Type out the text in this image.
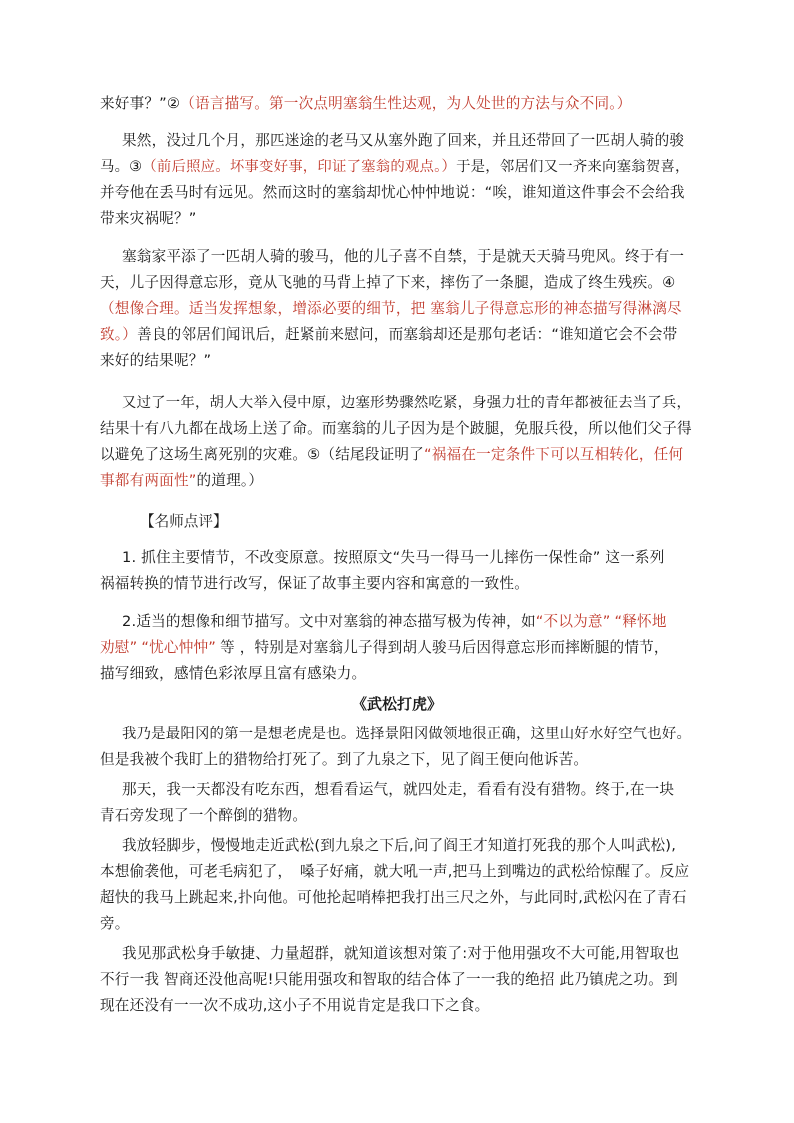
来好事？”②（语言描写。第一次点明塞翁生性达观，为人处世的方法与众不同。）
果然，没过几个月，那匹迷途的老马又从塞外跑了回来，并且还带回了一匹胡人骑的骏
马。③（前后照应。坏事变好事，印证了塞翁的观点。）于是，邻居们又一齐来向塞翁贺喜，
并夸他在丢马时有远见。然而这时的塞翁却忧心忡忡地说：“唉，谁知道这件事会不会给我
带来灾祸呢？”
塞翁家平添了一匹胡人骑的骏马，他的儿子喜不自禁，于是就天天骑马兜风。终于有一
天，儿子因得意忘形，竟从飞驰的马背上掉了下来，摔伤了一条腿，造成了终生残疾。④
（想像合理。适当发挥想象，增添必要的细节，把 塞翁儿子得意忘形的神态描写得淋漓尽
致。）善良的邻居们闻讯后，赶紧前来慰问，而塞翁却还是那句老话：“谁知道它会不会带
来好的结果呢？”
又过了一年，胡人大举入侵中原，边塞形势骤然吃紧，身强力壮的青年都被征去当了兵，
结果十有八九都在战场上送了命。而塞翁的儿子因为是个跛腿，免服兵役，所以他们父子得
以避免了这场生离死别的灾难。⑤（结尾段证明了“祸福在一定条件下可以互相转化，任何
事都有两面性”的道理。）
【名师点评】
1. 抓住主要情节，不改变原意。按照原文“失马一得马一儿摔伤一保性命” 这一系列
祸福转换的情节进行改写，保证了故事主要内容和寓意的一致性。
2.适当的想像和细节描写。文中对塞翁的神态描写极为传神，如“不以为意” “释怀地
劝慰” “忧心忡忡” 等 ，特别是对塞翁儿子得到胡人骏马后因得意忘形而摔断腿的情节，
描写细致，感情色彩浓厚且富有感染力。
《武松打虎》
我乃是最阳冈的第一是想老虎是也。选择景阳冈做领地很正确，这里山好水好空气也好。
但是我被个我盯上的猎物给打死了。到了九泉之下，见了阎王便向他诉苦。
那天，我一天都没有吃东西，想看看运气，就四处走，看看有没有猎物。终于,在一块
青石旁发现了一个醉倒的猎物。
我放轻脚步，慢慢地走近武松(到九泉之下后,问了阎王才知道打死我的那个人叫武松),
本想偷袭他，可老毛病犯了，　嗓子好痛，就大吼一声,把马上到嘴边的武松给惊醒了。反应
超快的我马上跳起来,扑向他。可他抡起哨棒把我打出三尺之外，与此同时,武松闪在了青石
旁。
我见那武松身手敏捷、力量超群，就知道该想对策了:对于他用强攻不大可能,用智取也
不行一我 智商还没他高呢!只能用强攻和智取的结合体了一一我的绝招 此乃镇虎之功。到
现在还没有一一次不成功,这小子不用说肯定是我口下之食。
